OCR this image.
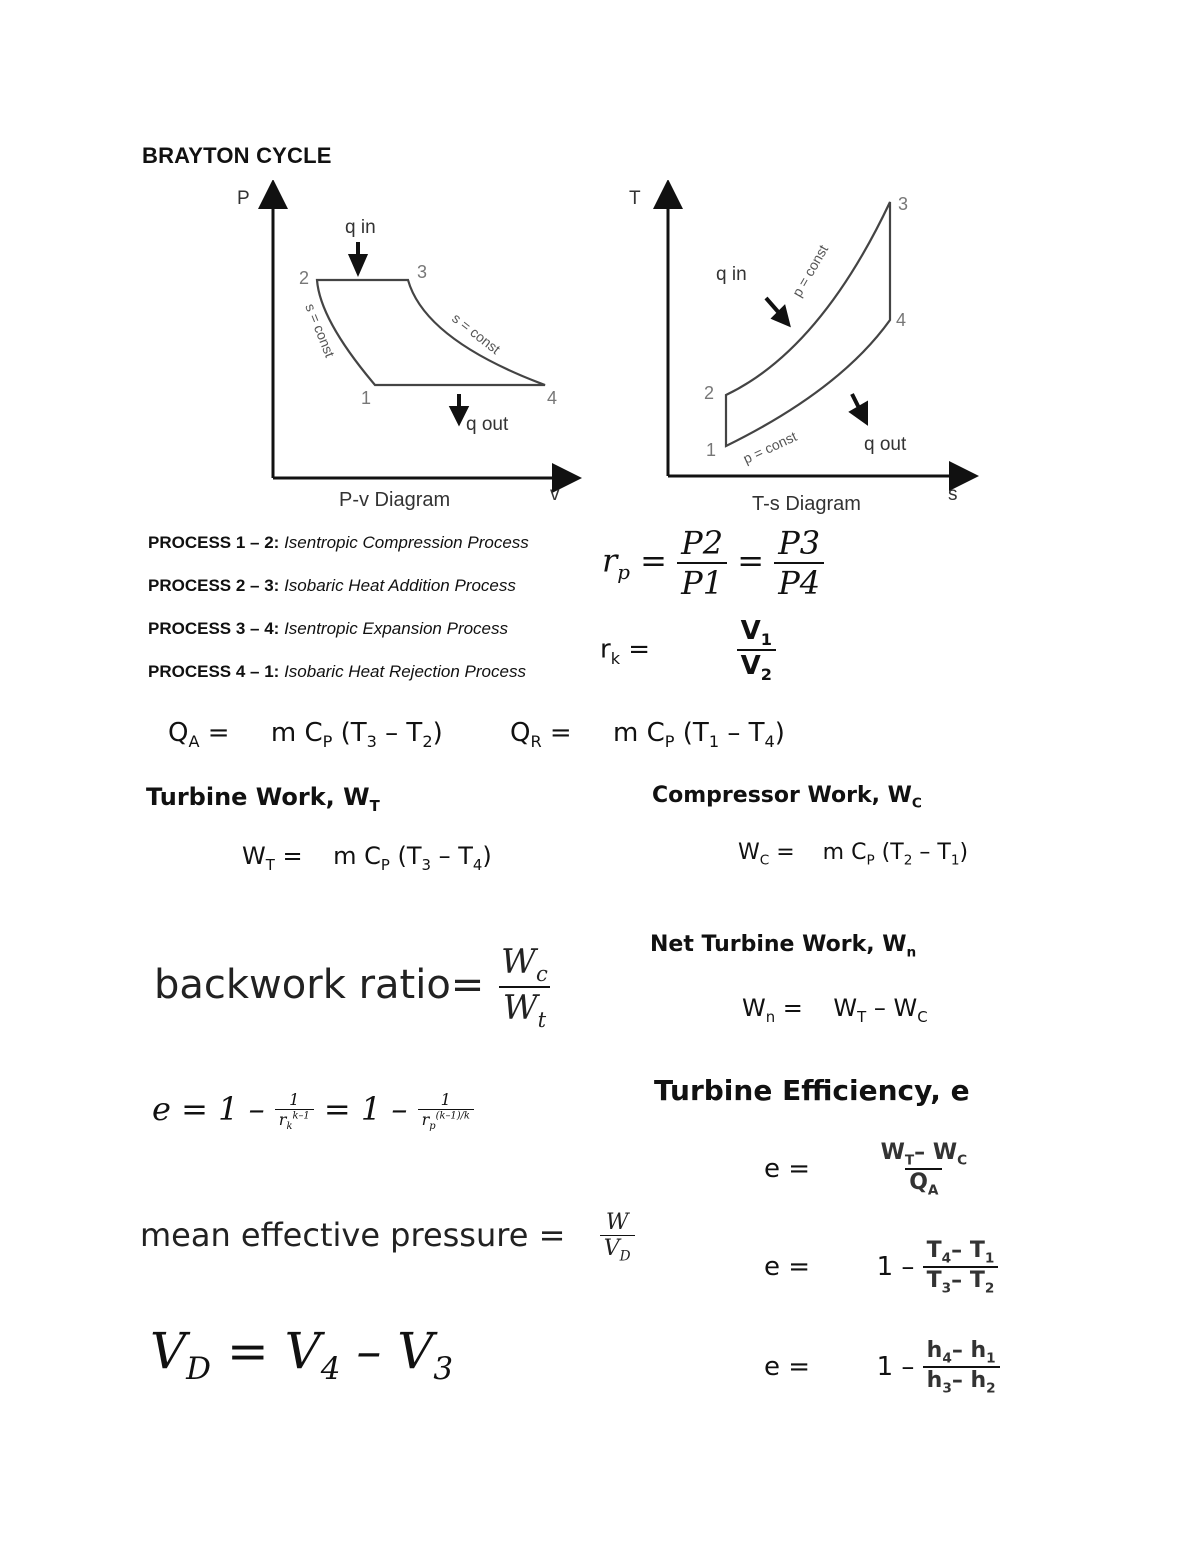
BRAYTON CYCLE
P
v
P-v Diagram
2	3
1	4
q in
q out
s = const	s = const
T
s
T-s Diagram
1
2
3
4
q in
q out
p = const
p = const
PROCESS 1 – 2: Isentropic Compression Process
PROCESS 2 – 3: Isobaric Heat Addition Process
PROCESS 3 – 4: Isentropic Expansion Process
PROCESS 4 – 1: Isobaric Heat Rejection Process
$r_p = \frac{P2}{P1} = \frac{P3}{P4}$
$r_k$ =	$\frac{V_1}{V_2}$
$Q_A$ =     m $C_P$ $(T_3 - T_2)$	$Q_R$ =     m $C_P$ $(T_1 - T_4)$
Turbine Work, $W_T$
$W_T$ =    m $C_P$ $(T_3 - T_4)$
Compressor Work, $W_C$
$W_C$ =    m $C_P$ $(T_2 - T_1)$
backwork ratio= $\frac{W_c}{W_t}$	Net Turbine Work, $W_n$
$W_n$ =    $W_T - W_C$
$e = 1 - \frac{1}{r_k^{k-1}} = 1 - \frac{1}{r_p^{(k-1)/k}}$	Turbine Efficiency, e
e =	$\frac{W_T- W_C}{Q_A}$
$e = 1 - \frac{T_4- T_1}{T_3- T_2}$
$e = 1 - \frac{h_4- h_1}{h_3- h_2}$
mean effective pressure = $\frac{W}{V_D}$
$V_D = V_4 - V_3$
